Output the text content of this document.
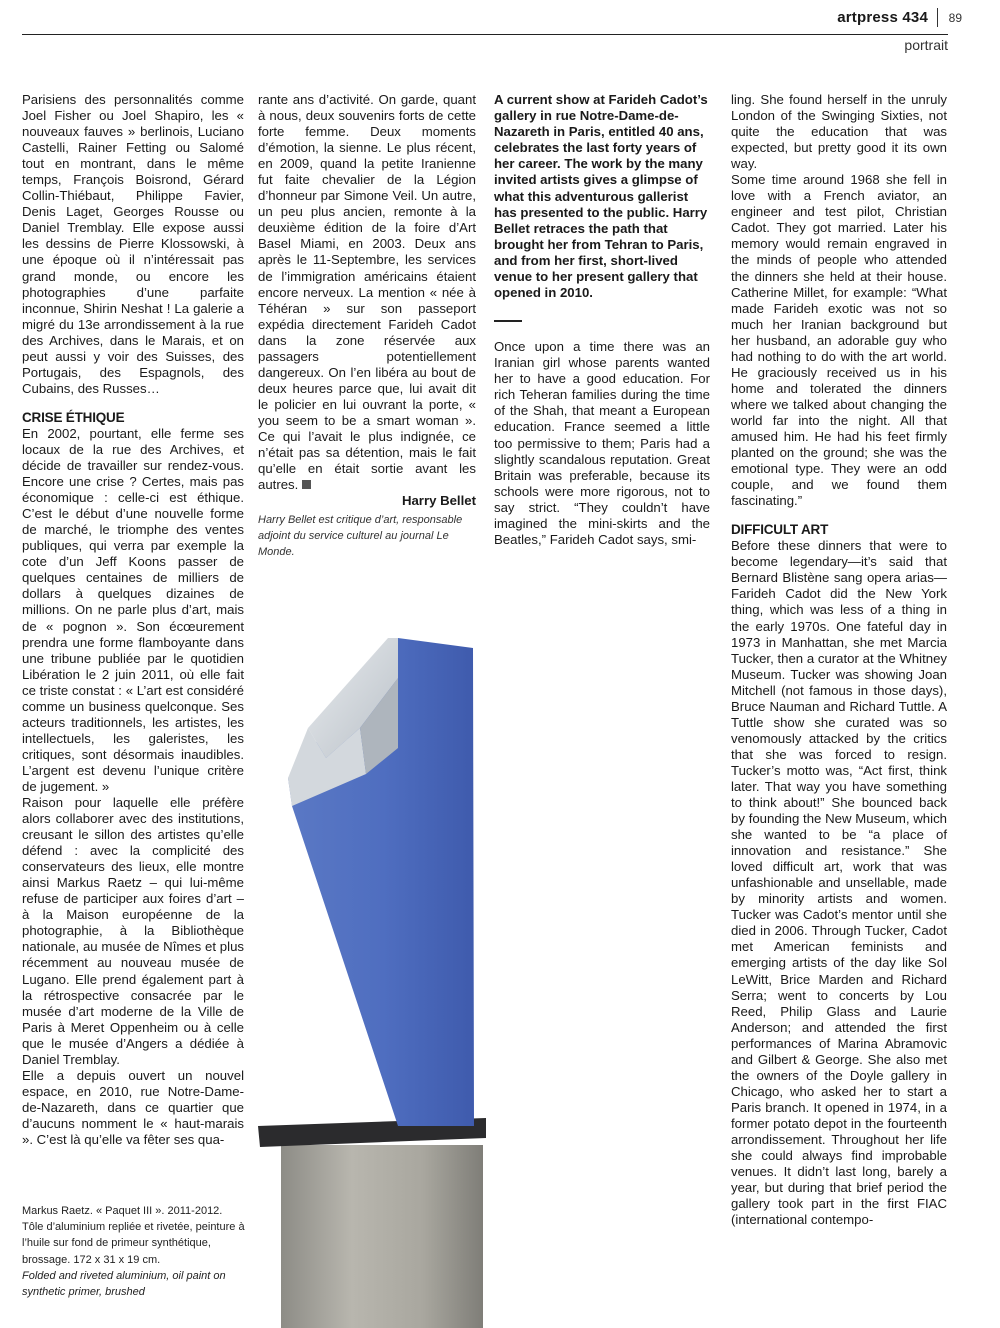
artpress 434 89
portrait

Parisiens des personnalités comme Joel Fisher ou Joel Shapiro, les « nouveaux fauves » berlinois, Luciano Castelli, Rainer Fetting ou Salomé tout en montrant, dans le même temps, François Boisrond, Gérard Collin-Thiébaut, Philippe Favier, Denis Laget, Georges Rousse ou Daniel Tremblay. Elle expose aussi les dessins de Pierre Klossowski, à une époque où il n’intéressait pas grand monde, ou encore les photographies d’une parfaite inconnue, Shirin Neshat ! La galerie a migré du 13e arrondissement à la rue des Archives, dans le Marais, et on peut aussi y voir des Suisses, des Portugais, des Espagnols, des Cubains, des Russes…

CRISE ÉTHIQUE

En 2002, pourtant, elle ferme ses locaux de la rue des Archives, et décide de travailler sur rendez-vous. Encore une crise ? Certes, mais pas économique : celle-ci est éthique. C’est le début d’une nouvelle forme de marché, le triomphe des ventes publiques, qui verra par exemple la cote d’un Jeff Koons passer de quelques centaines de milliers de dollars à quelques dizaines de millions. On ne parle plus d’art, mais de « pognon ». Son écœurement prendra une forme flamboyante dans une tribune publiée par le quotidien Libération le 2 juin 2011, où elle fait ce triste constat : « L’art est considéré comme un business quelconque. Ses acteurs traditionnels, les artistes, les intellectuels, les galeristes, les critiques, sont désormais inaudibles. L’argent est devenu l’unique critère de jugement. »

Raison pour laquelle elle préfère alors collaborer avec des institutions, creusant le sillon des artistes qu’elle défend : avec la complicité des conservateurs des lieux, elle montre ainsi Markus Raetz – qui lui-même refuse de participer aux foires d’art – à la Maison européenne de la photographie, à la Bibliothèque nationale, au musée de Nîmes et plus récemment au nouveau musée de Lugano. Elle prend également part à la rétrospective consacrée par le musée d’art moderne de la Ville de Paris à Meret Oppenheim ou à celle que le musée d’Angers a dédiée à Daniel Tremblay.

Elle a depuis ouvert un nouvel espace, en 2010, rue Notre-Dame-de-Nazareth, dans ce quartier que d’aucuns nomment le « haut-marais ». C’est là qu’elle va fêter ses qua-

Markus Raetz. « Paquet III ». 2011-2012.
Tôle d’aluminium repliée et rivetée, peinture à l’huile sur fond de primeur synthétique, brossage. 172 x 31 x 19 cm.
Folded and riveted aluminium, oil paint on synthetic primer, brushed

rante ans d’activité. On garde, quant à nous, deux souvenirs forts de cette forte femme. Deux moments d’émotion, la sienne. Le plus récent, en 2009, quand la petite Iranienne fut faite chevalier de la Légion d’honneur par Simone Veil. Un autre, un peu plus ancien, remonte à la deuxième édition de la foire d’Art Basel Miami, en 2003. Deux ans après le 11-Septembre, les services de l’immigration américains étaient encore nerveux. La mention « née à Téhéran » sur son passeport expédia directement Farideh Cadot dans la zone réservée aux passagers potentiellement dangereux. On l’en libéra au bout de deux heures parce que, lui avait dit le policier en lui ouvrant la porte, « you seem to be a smart woman ». Ce qui l’avait le plus indignée, ce n’était pas sa détention, mais le fait qu’elle en était sortie avant les autres.

Harry Bellet
Harry Bellet est critique d’art, responsable adjoint du service culturel au journal Le Monde.

A current show at Farideh Cadot’s gallery in rue Notre-Dame-de-Nazareth in Paris, entitled 40 ans, celebrates the last forty years of her career. The work by the many invited artists gives a glimpse of what this adventurous gallerist has presented to the public. Harry Bellet retraces the path that brought her from Tehran to Paris, and from her first, short-lived venue to her present gallery that opened in 2010.

Once upon a time there was an Iranian girl whose parents wanted her to have a good education. For rich Teheran families during the time of the Shah, that meant a European education. France seemed a little too permissive to them; Paris had a slightly scandalous reputation. Great Britain was preferable, because its schools were more rigorous, not to say strict. “They couldn’t have imagined the mini-skirts and the Beatles,” Farideh Cadot says, smi-

ling. She found herself in the unruly London of the Swinging Sixties, not quite the education that was expected, but pretty good it its own way.

Some time around 1968 she fell in love with a French aviator, an engineer and test pilot, Christian Cadot. They got married. Later his memory would remain engraved in the minds of people who attended the dinners she held at their house. Catherine Millet, for example: “What made Farideh exotic was not so much her Iranian background but her husband, an adorable guy who had nothing to do with the art world. He graciously received us in his home and tolerated the dinners where we talked about changing the world far into the night. All that amused him. He had his feet firmly planted on the ground; she was the emotional type. They were an odd couple, and we found them fascinating.”

DIFFICULT ART

Before these dinners that were to become legendary—it’s said that Bernard Blistène sang opera arias—Farideh Cadot did the New York thing, which was less of a thing in the early 1970s. One fateful day in 1973 in Manhattan, she met Marcia Tucker, then a curator at the Whitney Museum. Tucker was showing Joan Mitchell (not famous in those days), Bruce Nauman and Richard Tuttle. A Tuttle show she curated was so venomously attacked by the critics that she was forced to resign. Tucker’s motto was, “Act first, think later. That way you have something to think about!” She bounced back by founding the New Museum, which she wanted to be “a place of innovation and resistance.” She loved difficult art, work that was unfashionable and unsellable, made by minority artists and women. Tucker was Cadot’s mentor until she died in 2006. Through Tucker, Cadot met American feminists and emerging artists of the day like Sol LeWitt, Brice Marden and Richard Serra; went to concerts by Lou Reed, Philip Glass and Laurie Anderson; and attended the first performances of Marina Abramovic and Gilbert & George. She also met the owners of the Doyle gallery in Chicago, who asked her to start a Paris branch. It opened in 1974, in a former potato depot in the fourteenth arrondissement. Throughout her life she could always find improbable venues. It didn’t last long, barely a year, but during that brief period the gallery took part in the first FIAC (international contempo-
